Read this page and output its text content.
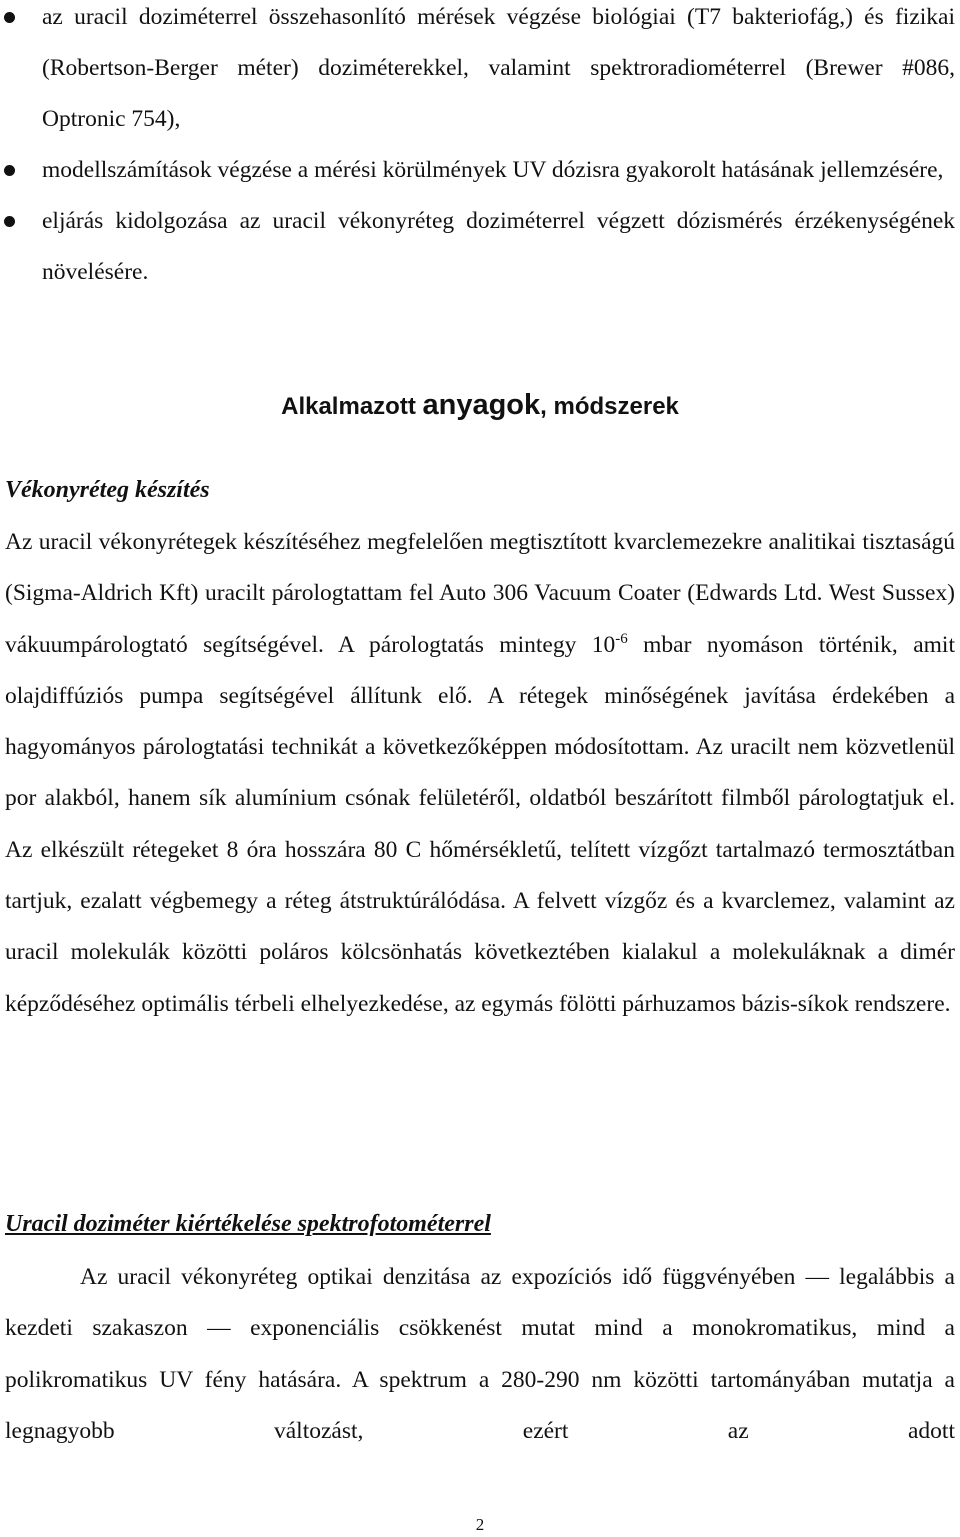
az uracil doziméterrel összehasonlító mérések végzése biológiai (T7 bakteriofág,) és fizikai (Robertson-Berger méter) doziméterekkel, valamint spektroradiométerrel (Brewer #086, Optronic 754),
modellszámítások végzése a mérési körülmények UV dózisra gyakorolt hatásának jellemzésére,
eljárás kidolgozása az uracil vékonyréteg doziméterrel végzett dózismérés érzékenységének növelésére.
Alkalmazott anyagok, módszerek
Vékonyréteg készítés

Az uracil vékonyrétegek készítéséhez megfelelően megtisztított kvarclemezekre analitikai tisztaságú (Sigma-Aldrich Kft) uracilt párologtattam fel Auto 306 Vacuum Coater (Edwards Ltd. West Sussex) vákuumpárologtató segítségével. A párologtatás mintegy $10^{-6}$ mbar nyomáson történik, amit olajdiffúziós pumpa segítségével állítunk elő. A rétegek minőségének javítása érdekében a hagyományos párologtatási technikát a következőképpen módosítottam. Az uracilt nem közvetlenül por alakból, hanem sík alumínium csónak felületéről, oldatból beszárított filmből párologtatjuk el. Az elkészült rétegeket 8 óra hosszára 80 C hőmérsékletű, telített vízgőzt tartalmazó termosztátban tartjuk, ezalatt végbemegy a réteg átstruktúrálódása. A felvett vízgőz és a kvarclemez, valamint az uracil molekulák közötti poláros kölcsönhatás következtében kialakul a molekuláknak a dimér képződéséhez optimális térbeli elhelyezkedése, az egymás fölötti párhuzamos bázis-síkok rendszere.

Uracil doziméter kiértékelése spektrofotométerrel

Az uracil vékonyréteg optikai denzitása az expozíciós idő függvényében — legalábbis a kezdeti szakaszon — exponenciális csökkenést mutat mind a monokromatikus, mind a polikromatikus UV fény hatására. A spektrum a 280-290 nm közötti tartományában mutatja a legnagyobb változást, ezért az adott

2
